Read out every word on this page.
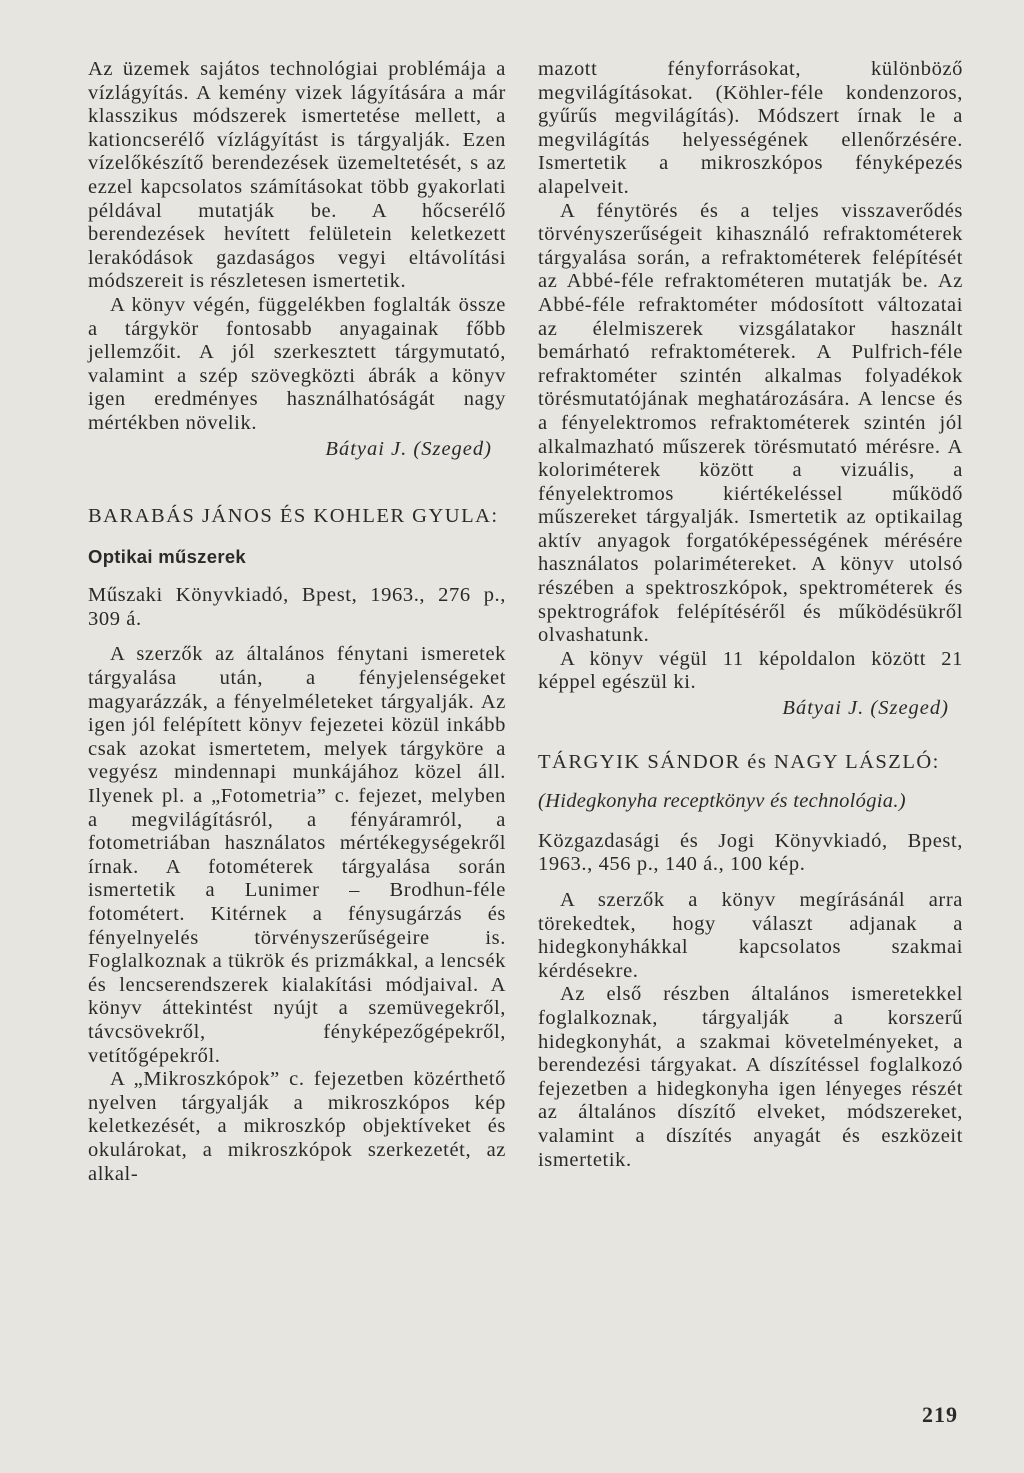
Az üzemek sajátos technológiai problémája a vízlágyítás. A kemény vizek lágyítására a már klasszikus módszerek ismertetése mellett, a kationcserélő vízlágyítást is tárgyalják. Ezen vízelőkészítő berendezések üzemeltetését, s az ezzel kapcsolatos számításokat több gyakorlati példával mutatják be. A hőcserélő berendezések hevített felületein keletkezett lerakódások gazdaságos vegyi eltávolítási módszereit is részletesen ismertetik.

A könyv végén, függelékben foglalták össze a tárgykör fontosabb anyagainak főbb jellemzőit. A jól szerkesztett tárgymutató, valamint a szép szövegközti ábrák a könyv igen eredményes használhatóságát nagy mértékben növelik.

Bátyai J. (Szeged)

BARABÁS JÁNOS ÉS KOHLER GYULA:

Optikai műszerek

Műszaki Könyvkiadó, Bpest, 1963., 276 p., 309 á.

A szerzők az általános fénytani ismeretek tárgyalása után, a fényjelenségeket magyarázzák, a fényelméleteket tárgyalják. Az igen jól felépített könyv fejezetei közül inkább csak azokat ismertetem, melyek tárgyköre a vegyész mindennapi munkájához közel áll. Ilyenek pl. a „Fotometria” c. fejezet, melyben a megvilágításról, a fényáramról, a fotometriában használatos mértékegységekről írnak. A fotométerek tárgyalása során ismertetik a Lunimer – Brodhun-féle fotométert. Kitérnek a fénysugárzás és fényelnyelés törvényszerűségeire is. Foglalkoznak a tükrök és prizmákkal, a lencsék és lencserendszerek kialakítási módjaival. A könyv áttekintést nyújt a szemüvegekről, távcsövekről, fényképezőgépekről, vetítőgépekről.

A „Mikroszkópok” c. fejezetben közérthető nyelven tárgyalják a mikroszkópos kép keletkezését, a mikroszkóp objektíveket és okulárokat, a mikroszkópok szerkezetét, az alkal-

mazott fényforrásokat, különböző megvilágításokat. (Köhler-féle kondenzoros, gyűrűs megvilágítás). Módszert írnak le a megvilágítás helyességének ellenőrzésére. Ismertetik a mikroszkópos fényképezés alapelveit.

A fénytörés és a teljes visszaverődés törvényszerűségeit kihasználó refraktométerek tárgyalása során, a refraktométerek felépítését az Abbé-féle refraktométeren mutatják be. Az Abbé-féle refraktométer módosított változatai az élelmiszerek vizsgálatakor használt bemárható refraktométerek. A Pulfrich-féle refraktométer szintén alkalmas folyadékok törésmutatójának meghatározására. A lencse és a fényelektromos refraktométerek szintén jól alkalmazható műszerek törésmutató mérésre. A koloriméterek között a vizuális, a fényelektromos kiértékeléssel működő műszereket tárgyalják. Ismertetik az optikailag aktív anyagok forgatóképességének mérésére használatos polarimétereket. A könyv utolsó részében a spektroszkópok, spektrométerek és spektrográfok felépítéséről és működésükről olvashatunk.

A könyv végül 11 képoldalon között 21 képpel egészül ki.

Bátyai J. (Szeged)

TÁRGYIK SÁNDOR és NAGY LÁSZLÓ:

(Hidegkonyha receptkönyv és technológia.)

Közgazdasági és Jogi Könyvkiadó, Bpest, 1963., 456 p., 140 á., 100 kép.

A szerzők a könyv megírásánál arra törekedtek, hogy választ adjanak a hidegkonyhákkal kapcsolatos szakmai kérdésekre.

Az első részben általános ismeretekkel foglalkoznak, tárgyalják a korszerű hidegkonyhát, a szakmai követelményeket, a berendezési tárgyakat. A díszítéssel foglalkozó fejezetben a hidegkonyha igen lényeges részét az általános díszítő elveket, módszereket, valamint a díszítés anyagát és eszközeit ismertetik.

219
